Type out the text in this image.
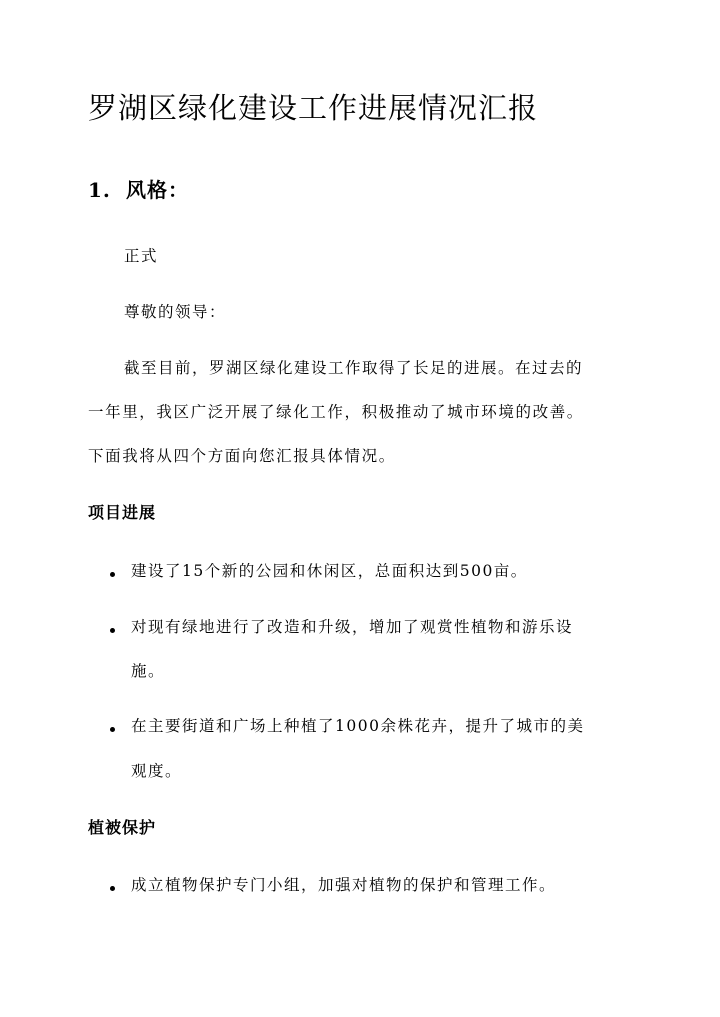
罗湖区绿化建设工作进展情况汇报
1. 风格：

正式

尊敬的领导：

截至目前，罗湖区绿化建设工作取得了长足的进展。在过去的

一年里，我区广泛开展了绿化工作，积极推动了城市环境的改善。

下面我将从四个方面向您汇报具体情况。

项目进展

建设了15个新的公园和休闲区，总面积达到500亩。

对现有绿地进行了改造和升级，增加了观赏性植物和游乐设

施。

在主要街道和广场上种植了1000余株花卉，提升了城市的美

观度。

植被保护

成立植物保护专门小组，加强对植物的保护和管理工作。
